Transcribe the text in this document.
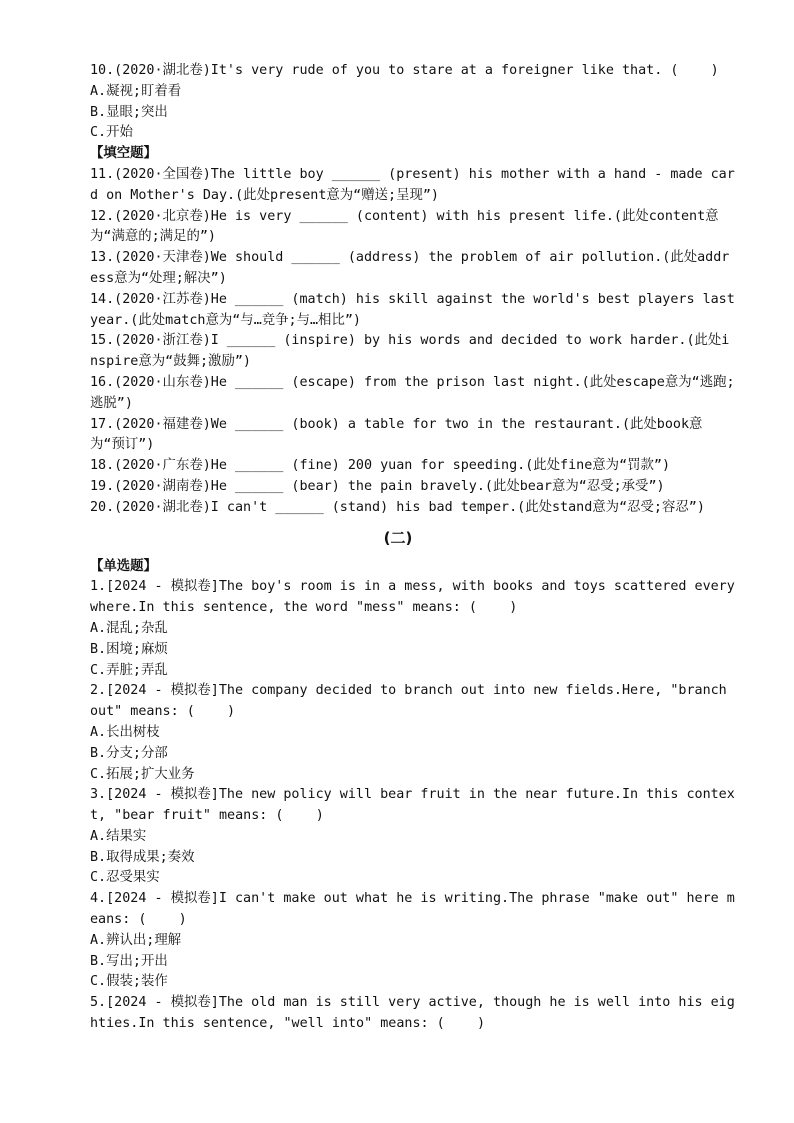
10.(2020·湖北卷)It's very rude of you to stare at a foreigner like that. (    )
A.凝视;盯着看
B.显眼;突出
C.开始
【填空题】
11.(2020·全国卷)The little boy ______ (present) his mother with a hand - made card on Mother's Day.(此处present意为“赠送;呈现”)
12.(2020·北京卷)He is very ______ (content) with his present life.(此处content意为“满意的;满足的”)
13.(2020·天津卷)We should ______ (address) the problem of air pollution.(此处address意为“处理;解决”)
14.(2020·江苏卷)He ______ (match) his skill against the world's best players last year.(此处match意为“与…竞争;与…相比”)
15.(2020·浙江卷)I ______ (inspire) by his words and decided to work harder.(此处inspire意为“鼓舞;激励”)
16.(2020·山东卷)He ______ (escape) from the prison last night.(此处escape意为“逃跑;逃脱”)
17.(2020·福建卷)We ______ (book) a table for two in the restaurant.(此处book意为“预订”)
18.(2020·广东卷)He ______ (fine) 200 yuan for speeding.(此处fine意为“罚款”)
19.(2020·湖南卷)He ______ (bear) the pain bravely.(此处bear意为“忍受;承受”)
20.(2020·湖北卷)I can't ______ (stand) his bad temper.(此处stand意为“忍受;容忍”)
(二)
【单选题】
1.[2024 - 模拟卷]The boy's room is in a mess, with books and toys scattered everywhere.In this sentence, the word "mess" means: (    )
A.混乱;杂乱
B.困境;麻烦
C.弄脏;弄乱
2.[2024 - 模拟卷]The company decided to branch out into new fields.Here, "branch out" means: (    )
A.长出树枝
B.分支;分部
C.拓展;扩大业务
3.[2024 - 模拟卷]The new policy will bear fruit in the near future.In this context, "bear fruit" means: (    )
A.结果实
B.取得成果;奏效
C.忍受果实
4.[2024 - 模拟卷]I can't make out what he is writing.The phrase "make out" here means: (    )
A.辨认出;理解
B.写出;开出
C.假装;装作
5.[2024 - 模拟卷]The old man is still very active, though he is well into his eighties.In this sentence, "well into" means: (    )
